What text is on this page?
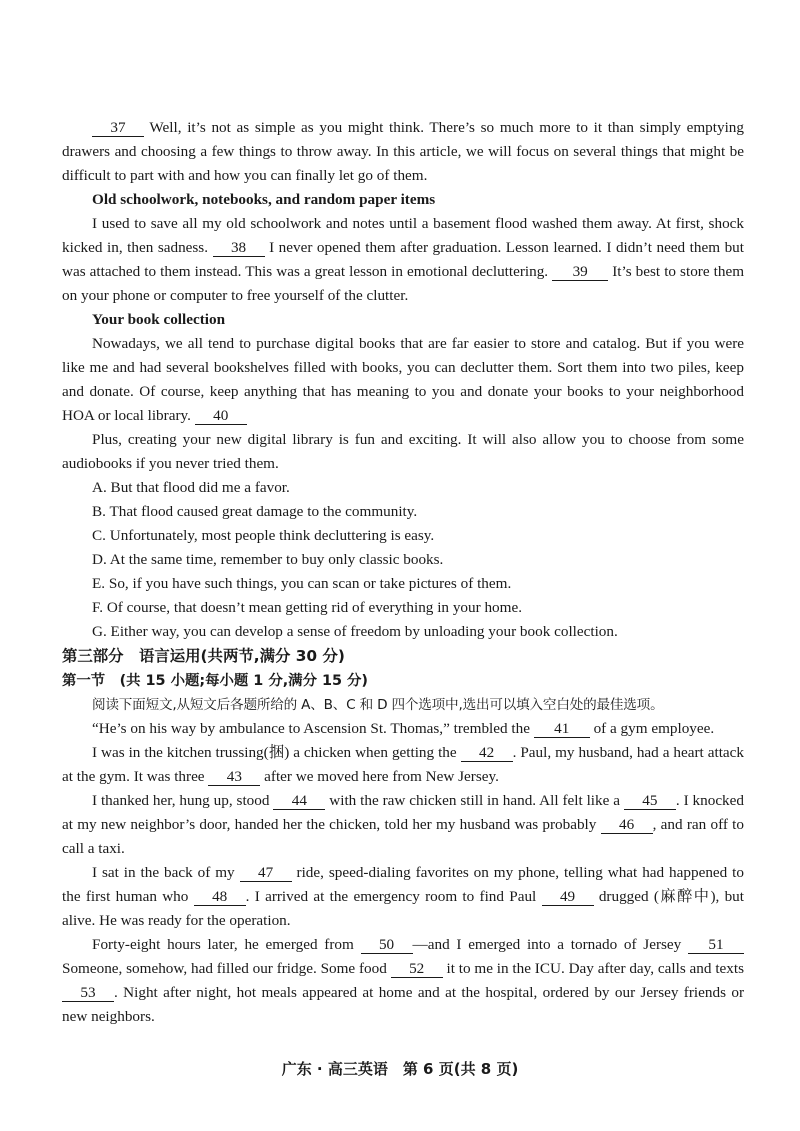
37 Well, it’s not as simple as you might think. There’s so much more to it than simply emptying drawers and choosing a few things to throw away. In this article, we will focus on several things that might be difficult to part with and how you can finally let go of them.

Old schoolwork, notebooks, and random paper items

I used to save all my old schoolwork and notes until a basement flood washed them away. At first, shock kicked in, then sadness. 38 I never opened them after graduation. Lesson learned. I didn’t need them but was attached to them instead. This was a great lesson in emotional decluttering. 39 It’s best to store them on your phone or computer to free yourself of the clutter.

Your book collection

Nowadays, we all tend to purchase digital books that are far easier to store and catalog. But if you were like me and had several bookshelves filled with books, you can declutter them. Sort them into two piles, keep and donate. Of course, keep anything that has meaning to you and donate your books to your neighborhood HOA or local library. 40

Plus, creating your new digital library is fun and exciting. It will also allow you to choose from some audiobooks if you never tried them.

A. But that flood did me a favor.

B. That flood caused great damage to the community.

C. Unfortunately, most people think decluttering is easy.

D. At the same time, remember to buy only classic books.

E. So, if you have such things, you can scan or take pictures of them.

F. Of course, that doesn’t mean getting rid of everything in your home.

G. Either way, you can develop a sense of freedom by unloading your book collection.

第三部分　语言运用(共两节,满分 30 分)

第一节　(共 15 小题;每小题 1 分,满分 15 分)

阅读下面短文,从短文后各题所给的 A、B、C 和 D 四个选项中,选出可以填入空白处的最佳选项。

“He’s on his way by ambulance to Ascension St. Thomas,” trembled the 41 of a gym employee.

I was in the kitchen trussing(捆) a chicken when getting the 42 . Paul, my husband, had a heart attack at the gym. It was three 43 after we moved here from New Jersey.

I thanked her, hung up, stood 44 with the raw chicken still in hand. All felt like a 45 . I knocked at my new neighbor’s door, handed her the chicken, told her my husband was probably 46 , and ran off to call a taxi.

I sat in the back of my 47 ride, speed-dialing favorites on my phone, telling what had happened to the first human who 48 . I arrived at the emergency room to find Paul 49 drugged (麻醉中), but alive. He was ready for the operation.

Forty-eight hours later, he emerged from 50 —and I emerged into a tornado of Jersey 51 Someone, somehow, had filled our fridge. Some food 52 it to me in the ICU. Day after day, calls and texts 53 . Night after night, hot meals appeared at home and at the hospital, ordered by our Jersey friends or new neighbors.

广东 · 高三英语　第 6 页(共 8 页)
